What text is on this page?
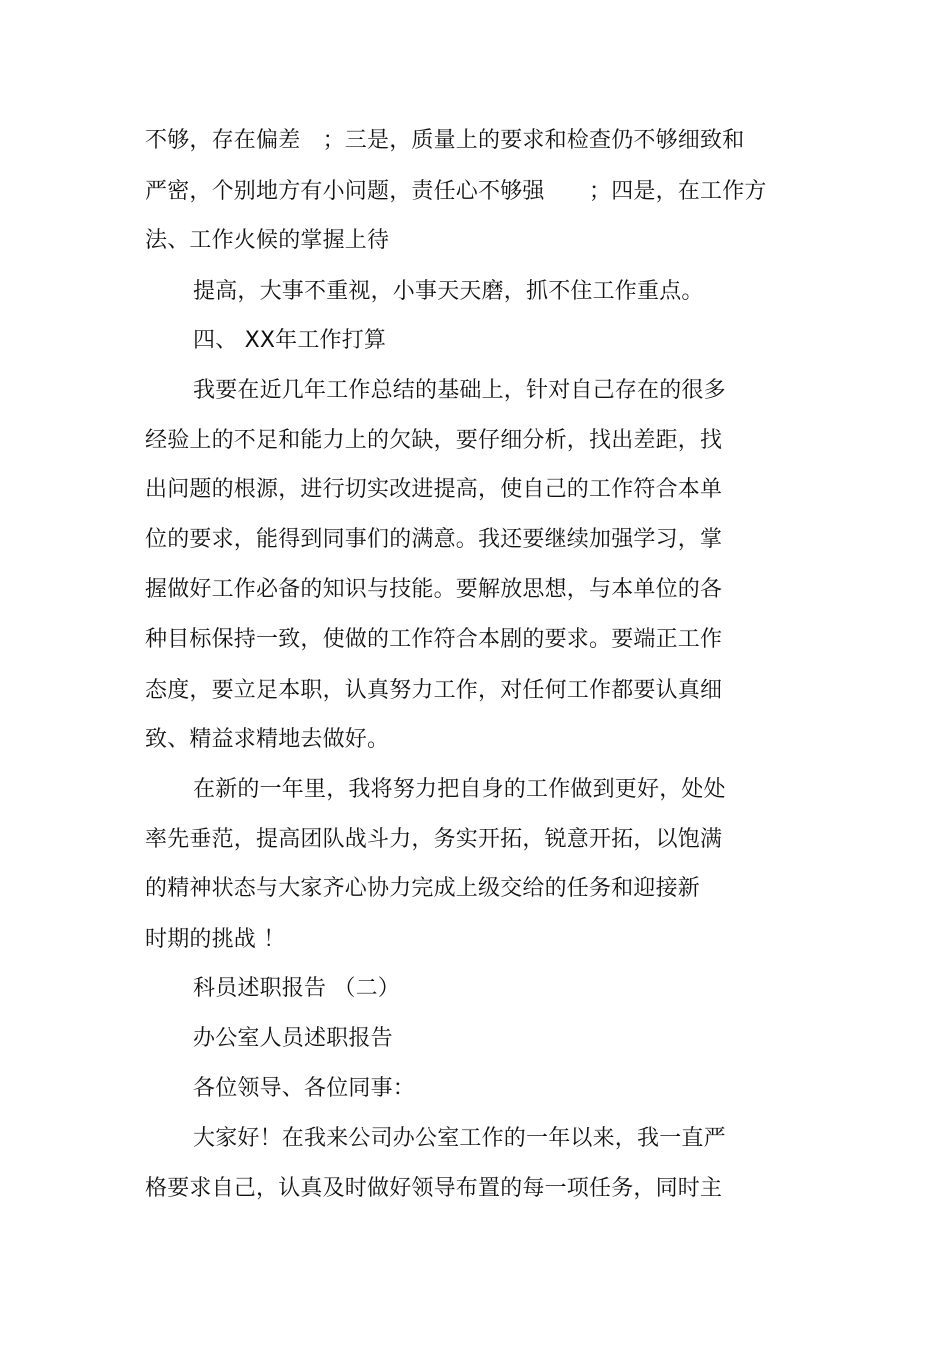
不够，存在偏差　；三是，质量上的要求和检查仍不够细致和
严密，个别地方有小问题，责任心不够强　　；四是，在工作方
法、工作火候的掌握上待
提高，大事不重视，小事天天磨，抓不住工作重点。
四、 XX年工作打算
我要在近几年工作总结的基础上，针对自己存在的很多
经验上的不足和能力上的欠缺，要仔细分析，找出差距，找
出问题的根源，进行切实改进提高，使自己的工作符合本单
位的要求，能得到同事们的满意。我还要继续加强学习，掌
握做好工作必备的知识与技能。要解放思想，与本单位的各
种目标保持一致，使做的工作符合本剧的要求。要端正工作
态度，要立足本职，认真努力工作，对任何工作都要认真细
致、精益求精地去做好。
在新的一年里，我将努力把自身的工作做到更好，处处
率先垂范，提高团队战斗力，务实开拓，锐意开拓，以饱满
的精神状态与大家齐心协力完成上级交给的任务和迎接新
时期的挑战 ！
科员述职报告 （二）
办公室人员述职报告
各位领导、各位同事：
大家好！在我来公司办公室工作的一年以来，我一直严
格要求自己，认真及时做好领导布置的每一项任务，同时主
